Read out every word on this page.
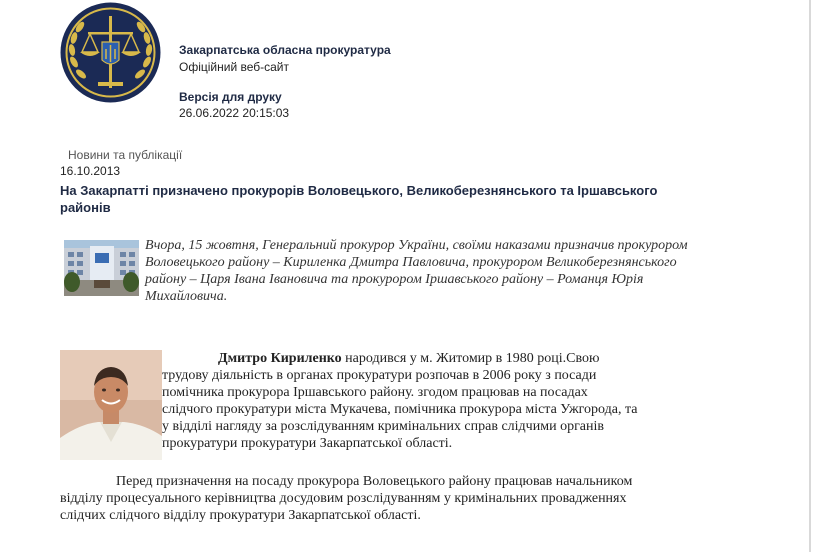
Закарпатська обласна прокуратура
Офіційний веб-сайт
Версія для друку
26.06.2022 20:15:03
Новини та публікації
16.10.2013
На Закарпатті призначено прокурорів Воловецького, Великоберезнянського та Іршавського районів
Вчора, 15 жовтня, Генеральний прокурор України, своїми наказами призначив прокурором Воловецького району – Кириленка Дмитра Павловича, прокурором Великоберезнянського району – Царя Івана Івановича та прокурором Іршавського району – Романця Юрія Михайловича.
Дмитро Кириленко народився у м. Житомир в 1980 році.Свою
трудову діяльність в органах прокуратури розпочав в 2006 року з посади
помічника прокурора Іршавського району. згодом працював на посадах
слідчого прокуратури міста Мукачева, помічника прокурора міста Ужгорода, та
у відділі нагляду за розслідуванням кримінальних справ слідчими органів
прокуратури прокуратури Закарпатської області.
Перед призначення на посаду прокурора Воловецького району працював начальником
відділу процесуального керівництва досудовим розслідуванням у кримінальних провадженнях
слідчих слідчого відділу прокуратури Закарпатської області.
